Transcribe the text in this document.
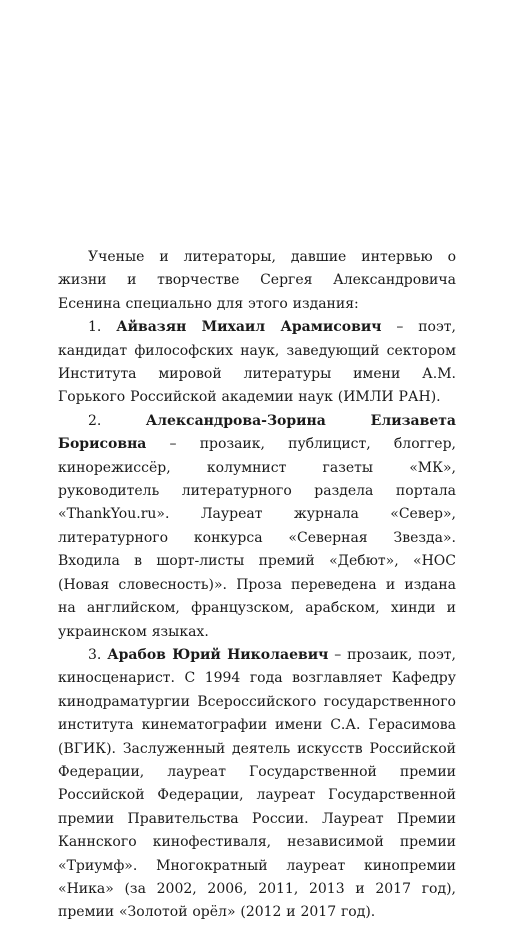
Ученые и литераторы, давшие интервью о жизни и творчестве Сергея Александровича Есенина специально для этого издания:

1. Айвазян Михаил Арамисович – поэт, кандидат философских наук, заведующий сектором Института мировой литературы имени А.М. Горького Российской академии наук (ИМЛИ РАН).

2.	Александрова-Зорина Елизавета Борисовна – прозаик, публицист, блоггер, кинорежиссёр, колумнист газеты «МК», руководитель литературного раздела портала «ThankYou.ru». Лауреат журнала «Север», литературного конкурса «Северная Звезда». Входила в шорт-листы премий «Дебют», «НОС (Новая словесность)». Проза переведена и издана на английском, французском, арабском, хинди и украинском языках.

3. Арабов Юрий Николаевич – прозаик, поэт, киносценарист. С 1994 года возглавляет Кафедру кинодраматургии Всероссийского государственного института кинематографии имени С.А. Герасимова (ВГИК). Заслуженный деятель искусств Российской Федерации, лауреат Государственной премии Российской Федерации, лауреат Государственной премии Правительства России. Лауреат Премии Каннского кинофестиваля, независимой премии «Триумф». Многократный лауреат кинопремии «Ника» (за 2002, 2006, 2011, 2013 и 2017 год), премии «Золотой орёл» (2012 и 2017 год).
